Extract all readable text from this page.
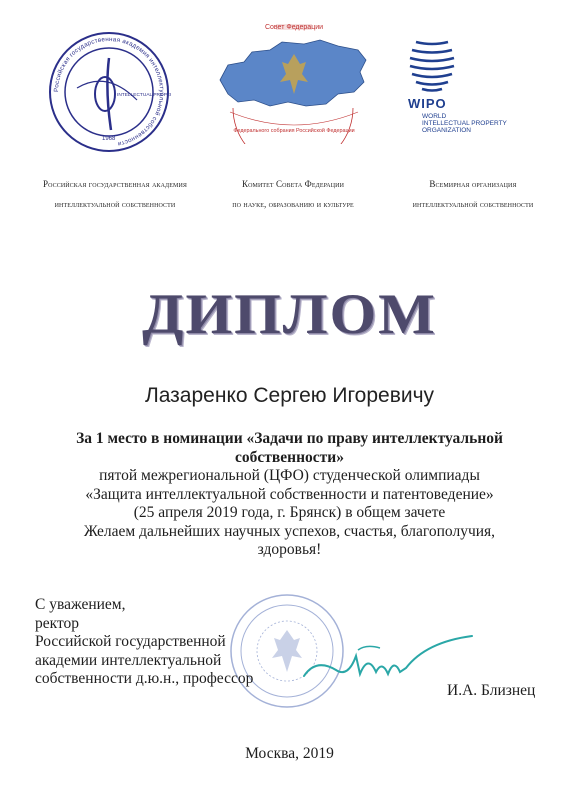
Российская государственная академия интеллектуальной собственности
INTELLECTUAL PROPE
1968
Совет Федерации
Федерального собрания Российской Федерации
WIPO
WORLD
INTELLECTUAL PROPERTY
ORGANIZATION
Российская государственная академия
интеллектуальной собственности
Комитет Совета Федерации
по науке, образованию и культуре
Всемирная организация
интеллектуальной собственности
ДИПЛОМ
Лазаренко Сергею Игоревичу
За 1 место в номинации «Задачи по праву интеллектуальной
собственности»
пятой межрегиональной (ЦФО) студенческой олимпиады
«Защита интеллектуальной собственности и патентоведение»
(25 апреля 2019 года, г. Брянск) в общем зачете
Желаем дальнейших научных успехов, счастья, благополучия,
здоровья!
С уважением,
ректор
Российской государственной
академии интеллектуальной
собственности д.ю.н., профессор
И.А. Близнец
Москва, 2019
